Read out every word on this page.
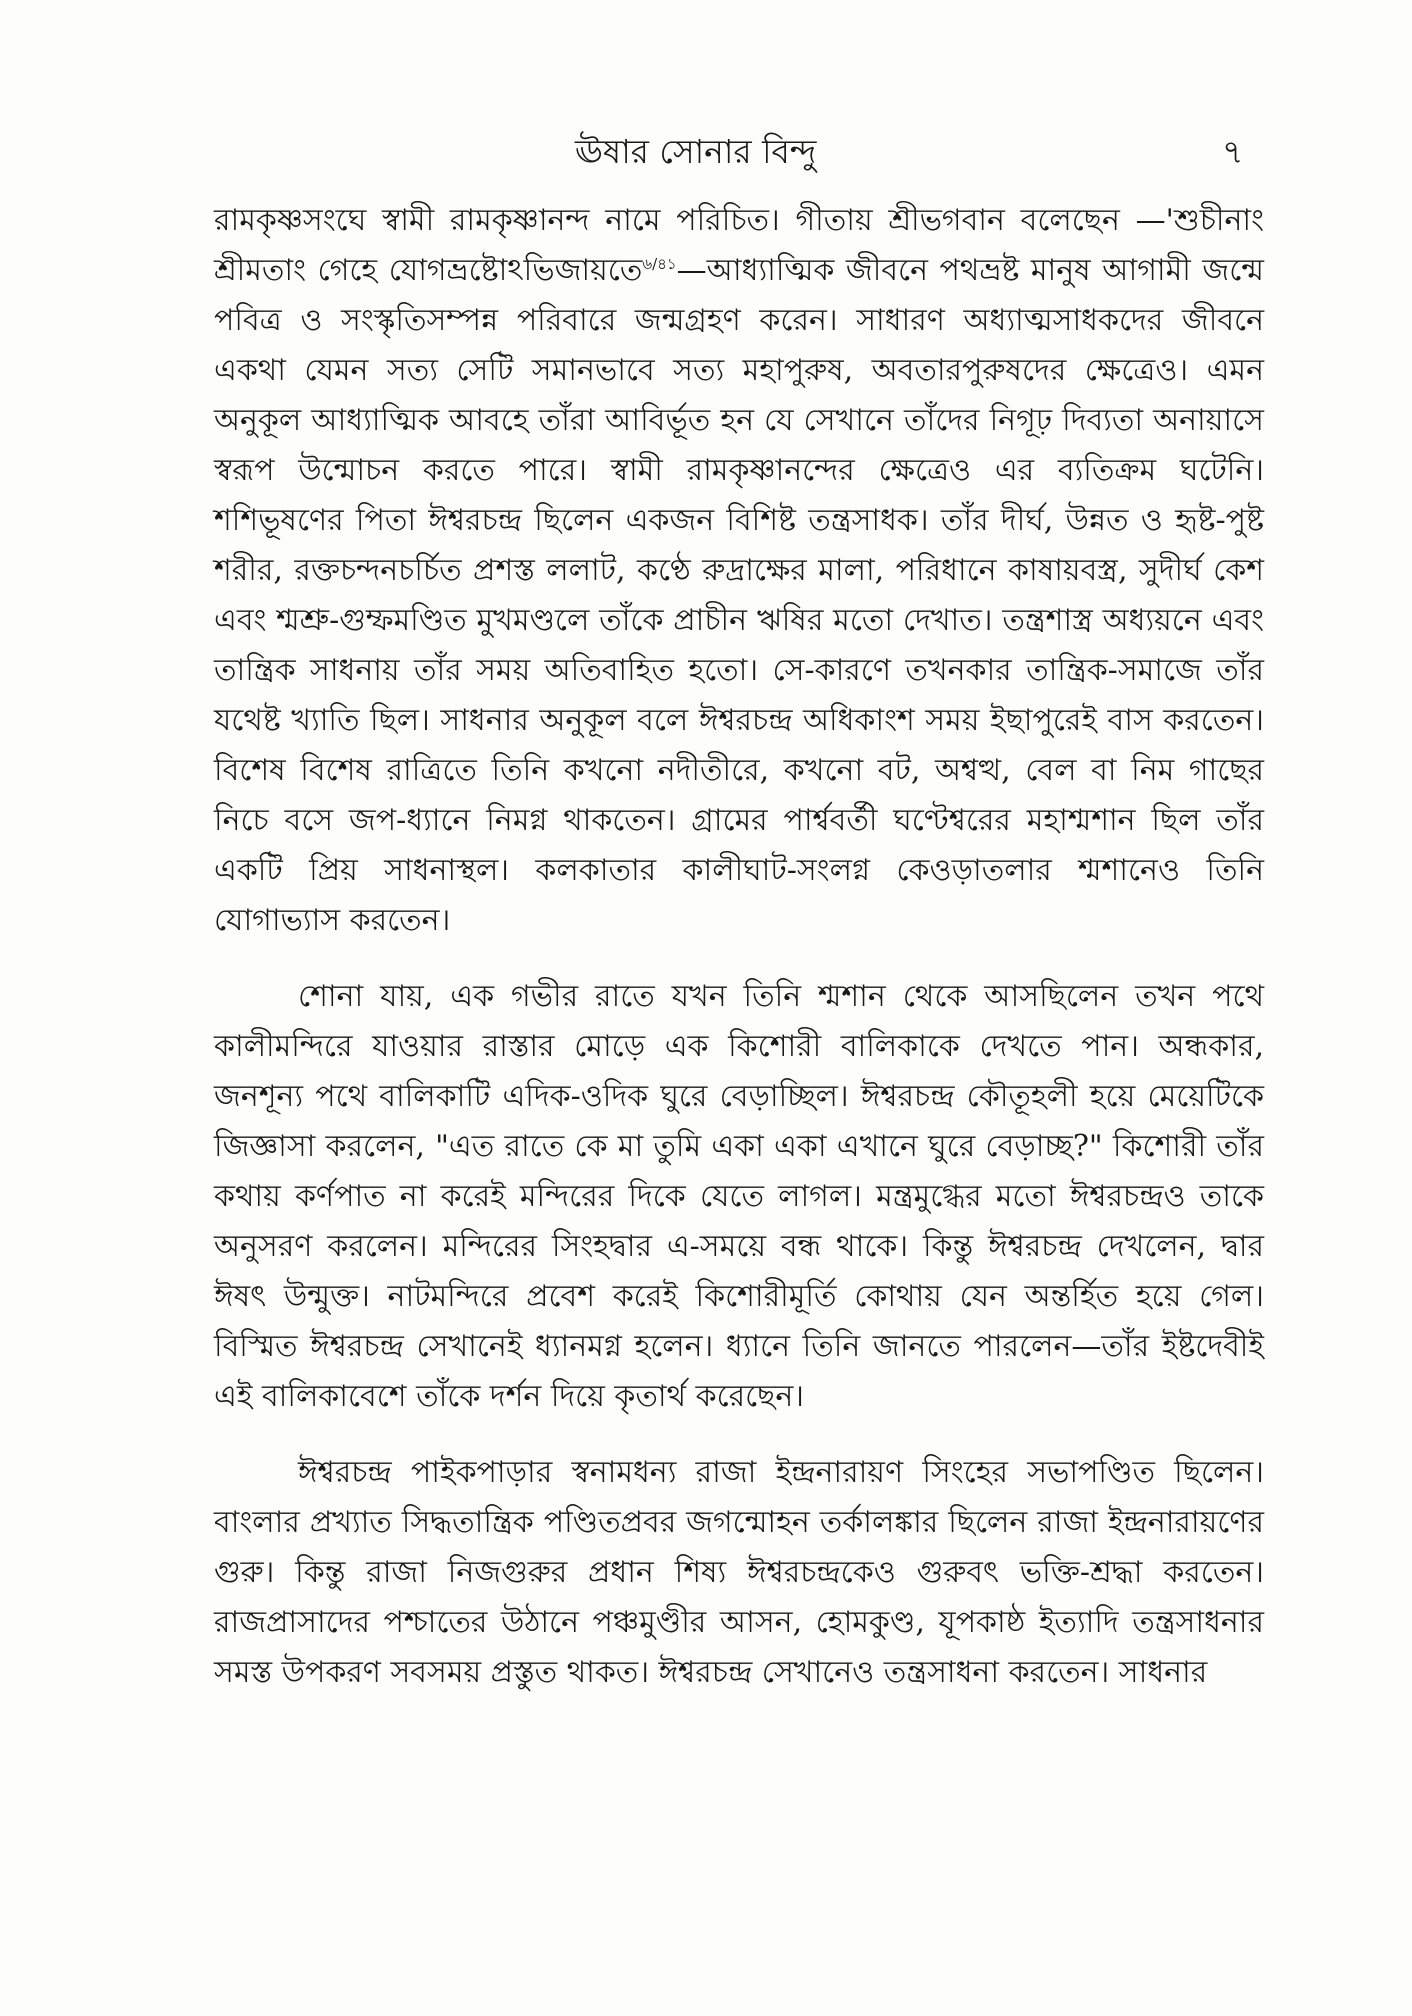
ঊষার সোনার বিন্দু	৭

রামকৃষ্ণসংঘে স্বামী রামকৃষ্ণানন্দ নামে পরিচিত। গীতায় শ্রীভগবান বলেছেন —'শুচীনাং শ্রীমতাং গেহে যোগভ্রষ্টোঽভিজায়তে$^{৬/৪১}$—আধ্যাত্মিক জীবনে পথভ্রষ্ট মানুষ আগামী জন্মে পবিত্র ও সংস্কৃতিসম্পন্ন পরিবারে জন্মগ্রহণ করেন। সাধারণ অধ্যাত্মসাধকদের জীবনে একথা যেমন সত্য সেটি সমানভাবে সত্য মহাপুরুষ, অবতারপুরুষদের ক্ষেত্রেও। এমন অনুকূল আধ্যাত্মিক আবহে তাঁরা আবির্ভূত হন যে সেখানে তাঁদের নিগূঢ় দিব্যতা অনায়াসে স্বরূপ উন্মোচন করতে পারে। স্বামী রামকৃষ্ণানন্দের ক্ষেত্রেও এর ব্যতিক্রম ঘটেনি। শশিভূষণের পিতা ঈশ্বরচন্দ্র ছিলেন একজন বিশিষ্ট তন্ত্রসাধক। তাঁর দীর্ঘ, উন্নত ও হৃষ্ট-পুষ্ট শরীর, রক্তচন্দনচর্চিত প্রশস্ত ললাট, কণ্ঠে রুদ্রাক্ষের মালা, পরিধানে কাষায়বস্ত্র, সুদীর্ঘ কেশ এবং শ্মশ্রু-গুম্ফমণ্ডিত মুখমণ্ডলে তাঁকে প্রাচীন ঋষির মতো দেখাত। তন্ত্রশাস্ত্র অধ্যয়নে এবং তান্ত্রিক সাধনায় তাঁর সময় অতিবাহিত হতো। সে-কারণে তখনকার তান্ত্রিক-সমাজে তাঁর যথেষ্ট খ্যাতি ছিল। সাধনার অনুকূল বলে ঈশ্বরচন্দ্র অধিকাংশ সময় ইছাপুরেই বাস করতেন। বিশেষ বিশেষ রাত্রিতে তিনি কখনো নদীতীরে, কখনো বট, অশ্বত্থ, বেল বা নিম গাছের নিচে বসে জপ-ধ্যানে নিমগ্ন থাকতেন। গ্রামের পার্শ্ববর্তী ঘণ্টেশ্বরের মহাশ্মশান ছিল তাঁর একটি প্রিয় সাধনাস্থল। কলকাতার কালীঘাট-সংলগ্ন কেওড়াতলার শ্মশানেও তিনি যোগাভ্যাস করতেন।

শোনা যায়, এক গভীর রাতে যখন তিনি শ্মশান থেকে আসছিলেন তখন পথে কালীমন্দিরে যাওয়ার রাস্তার মোড়ে এক কিশোরী বালিকাকে দেখতে পান। অন্ধকার, জনশূন্য পথে বালিকাটি এদিক-ওদিক ঘুরে বেড়াচ্ছিল। ঈশ্বরচন্দ্র কৌতূহলী হয়ে মেয়েটিকে জিজ্ঞাসা করলেন, "এত রাতে কে মা তুমি একা একা এখানে ঘুরে বেড়াচ্ছ?" কিশোরী তাঁর কথায় কর্ণপাত না করেই মন্দিরের দিকে যেতে লাগল। মন্ত্রমুগ্ধের মতো ঈশ্বরচন্দ্রও তাকে অনুসরণ করলেন। মন্দিরের সিংহদ্বার এ-সময়ে বন্ধ থাকে। কিন্তু ঈশ্বরচন্দ্র দেখলেন, দ্বার ঈষৎ উন্মুক্ত। নাটমন্দিরে প্রবেশ করেই কিশোরীমূর্তি কোথায় যেন অন্তর্হিত হয়ে গেল। বিস্মিত ঈশ্বরচন্দ্র সেখানেই ধ্যানমগ্ন হলেন। ধ্যানে তিনি জানতে পারলেন—তাঁর ইষ্টদেবীই এই বালিকাবেশে তাঁকে দর্শন দিয়ে কৃতার্থ করেছেন।

ঈশ্বরচন্দ্র পাইকপাড়ার স্বনামধন্য রাজা ইন্দ্রনারায়ণ সিংহের সভাপণ্ডিত ছিলেন। বাংলার প্রখ্যাত সিদ্ধতান্ত্রিক পণ্ডিতপ্রবর জগন্মোহন তর্কালঙ্কার ছিলেন রাজা ইন্দ্রনারায়ণের গুরু। কিন্তু রাজা নিজগুরুর প্রধান শিষ্য ঈশ্বরচন্দ্রকেও গুরুবৎ ভক্তি-শ্রদ্ধা করতেন। রাজপ্রাসাদের পশ্চাতের উঠানে পঞ্চমুণ্ডীর আসন, হোমকুণ্ড, যূপকাষ্ঠ ইত্যাদি তন্ত্রসাধনার সমস্ত উপকরণ সবসময় প্রস্তুত থাকত। ঈশ্বরচন্দ্র সেখানেও তন্ত্রসাধনা করতেন। সাধনার
